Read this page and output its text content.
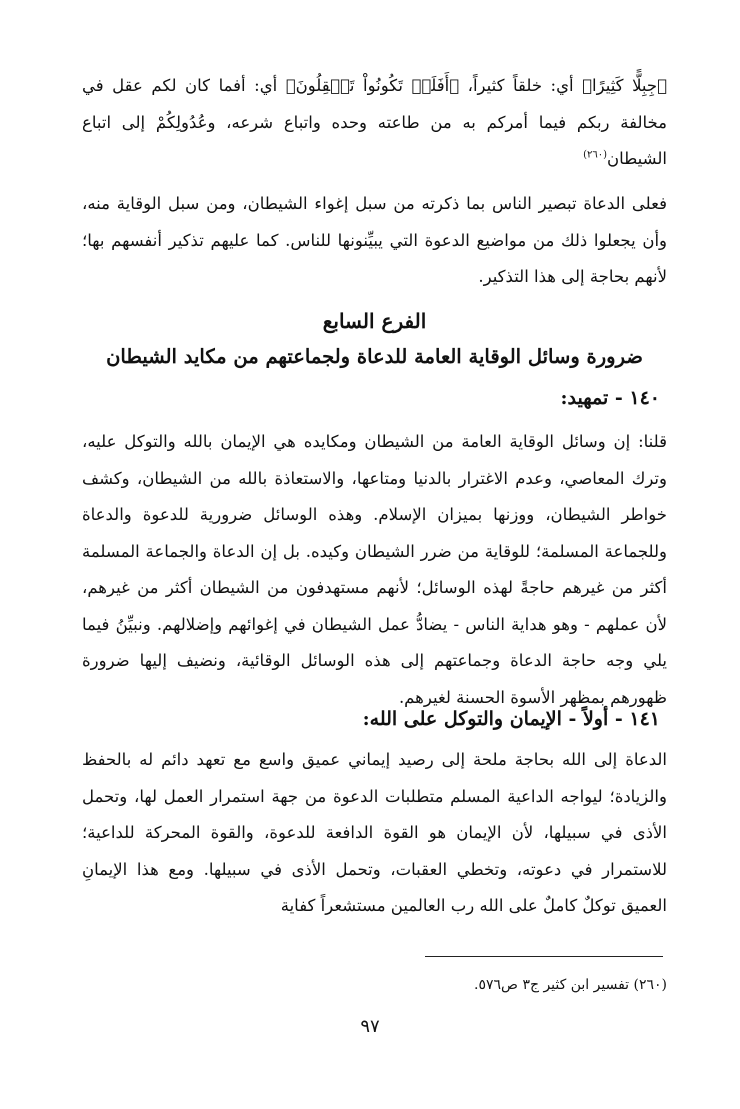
﴿جِبِلًّا كَثِيرًا﴾ أي: خلقاً كثيراً، ﴿أَفَلَمۡ تَكُونُواْ تَعۡقِلُونَ﴾ أي: أفما كان لكم عقل في مخالفة ربكم فيما أمركم به من طاعته وحده واتباع شرعه، وعُدُولِكُمْ إلى اتباع الشيطان$^{(٢٦٠)}$

فعلى الدعاة تبصير الناس بما ذكرته من سبل إغواء الشيطان، ومن سبل الوقاية منه، وأن يجعلوا ذلك من مواضيع الدعوة التي يبيِّنونها للناس. كما عليهم تذكير أنفسهم بها؛ لأنهم بحاجة إلى هذا التذكير.

الفرع السابع
ضرورة وسائل الوقاية العامة للدعاة ولجماعتهم من مكايد الشيطان
١٤٠ - تمهيد:

قلنا: إن وسائل الوقاية العامة من الشيطان ومكايده هي الإيمان بالله والتوكل عليه، وترك المعاصي، وعدم الاغترار بالدنيا ومتاعها، والاستعاذة بالله من الشيطان، وكشف خواطر الشيطان، ووزنها بميزان الإسلام. وهذه الوسائل ضرورية للدعوة والدعاة وللجماعة المسلمة؛ للوقاية من ضرر الشيطان وكيده. بل إن الدعاة والجماعة المسلمة أكثر من غيرهم حاجةً لهذه الوسائل؛ لأنهم مستهدفون من الشيطان أكثر من غيرهم، لأن عملهم - وهو هداية الناس - يضادُّ عمل الشيطان في إغوائهم وإضلالهم. ونبيِّنُ فيما يلي وجه حاجة الدعاة وجماعتهم إلى هذه الوسائل الوقائية، ونضيف إليها ضرورة ظهورهم بمظهر الأسوة الحسنة لغيرهم.

١٤١ - أولاً - الإيمان والتوكل على الله:

الدعاة إلى الله بحاجة ملحة إلى رصيد إيماني عميق واسع مع تعهد دائم له بالحفظ والزيادة؛ ليواجه الداعية المسلم متطلبات الدعوة من جهة استمرار العمل لها، وتحمل الأذى في سبيلها، لأن الإيمان هو القوة الدافعة للدعوة، والقوة المحركة للداعية؛ للاستمرار في دعوته، وتخطي العقبات، وتحمل الأذى في سبيلها. ومع هذا الإيمانِ العميق توكلٌ كاملٌ على الله رب العالمين مستشعراً كفاية

(٢٦٠) تفسير ابن كثير ج٣ ص٥٧٦.

٩٧
